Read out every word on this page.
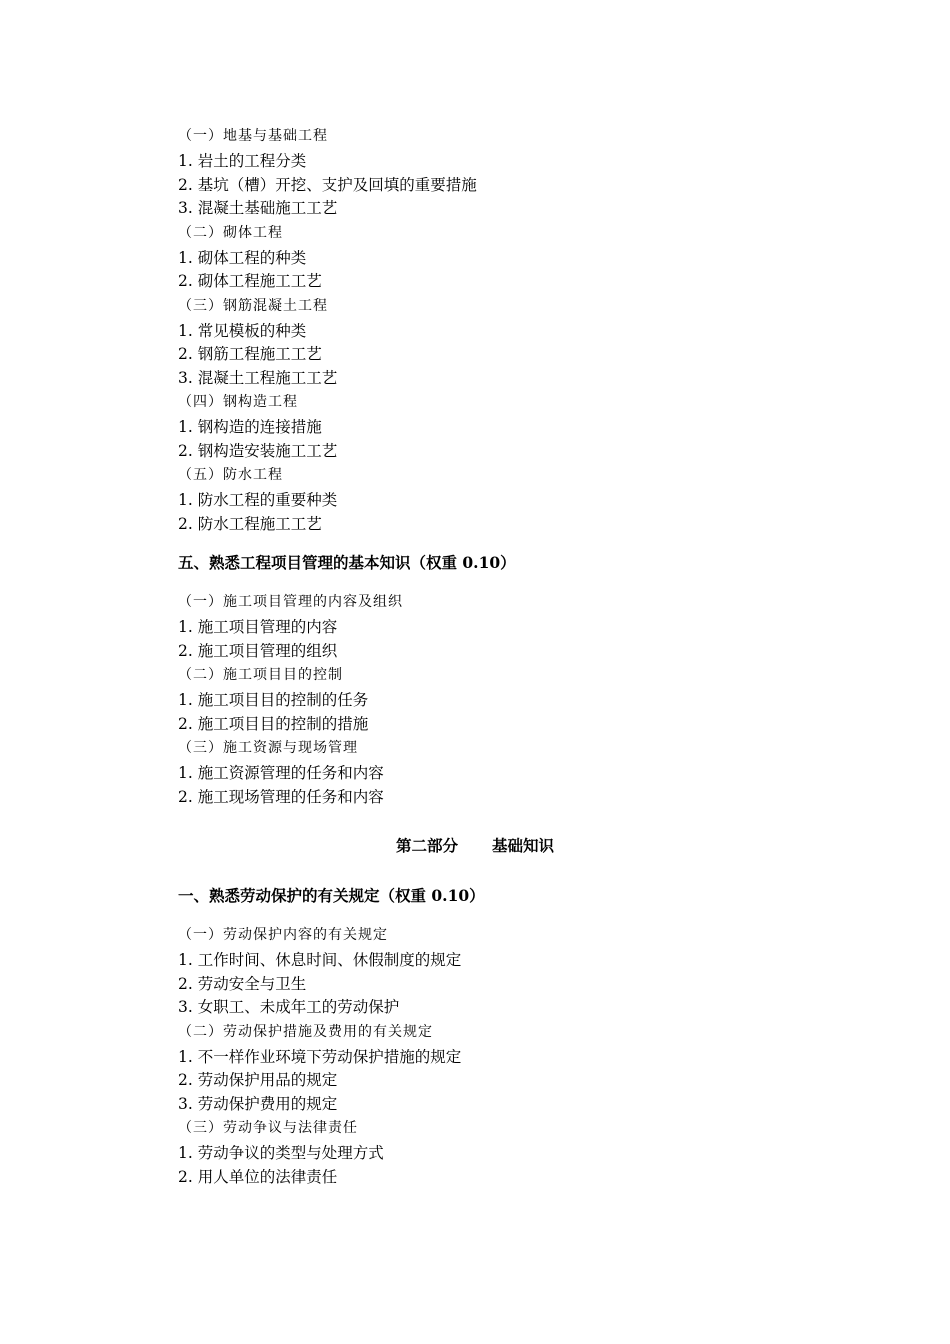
（一）地基与基础工程
1. 岩土的工程分类
2. 基坑（槽）开挖、支护及回填的重要措施
3. 混凝土基础施工工艺
（二）砌体工程
1. 砌体工程的种类
2. 砌体工程施工工艺
（三）钢筋混凝土工程
1. 常见模板的种类
2. 钢筋工程施工工艺
3. 混凝土工程施工工艺
（四）钢构造工程
1. 钢构造的连接措施
2. 钢构造安装施工工艺
（五）防水工程
1. 防水工程的重要种类
2. 防水工程施工工艺
五、熟悉工程项目管理的基本知识（权重 0.10）
（一）施工项目管理的内容及组织
1. 施工项目管理的内容
2. 施工项目管理的组织
（二）施工项目目的控制
1. 施工项目目的控制的任务
2. 施工项目目的控制的措施
（三）施工资源与现场管理
1. 施工资源管理的任务和内容
2. 施工现场管理的任务和内容
第二部分 基础知识
一、熟悉劳动保护的有关规定（权重 0.10）
（一）劳动保护内容的有关规定
1. 工作时间、休息时间、休假制度的规定
2. 劳动安全与卫生
3. 女职工、未成年工的劳动保护
（二）劳动保护措施及费用的有关规定
1. 不一样作业环境下劳动保护措施的规定
2. 劳动保护用品的规定
3. 劳动保护费用的规定
（三）劳动争议与法律责任
1. 劳动争议的类型与处理方式
2. 用人单位的法律责任
